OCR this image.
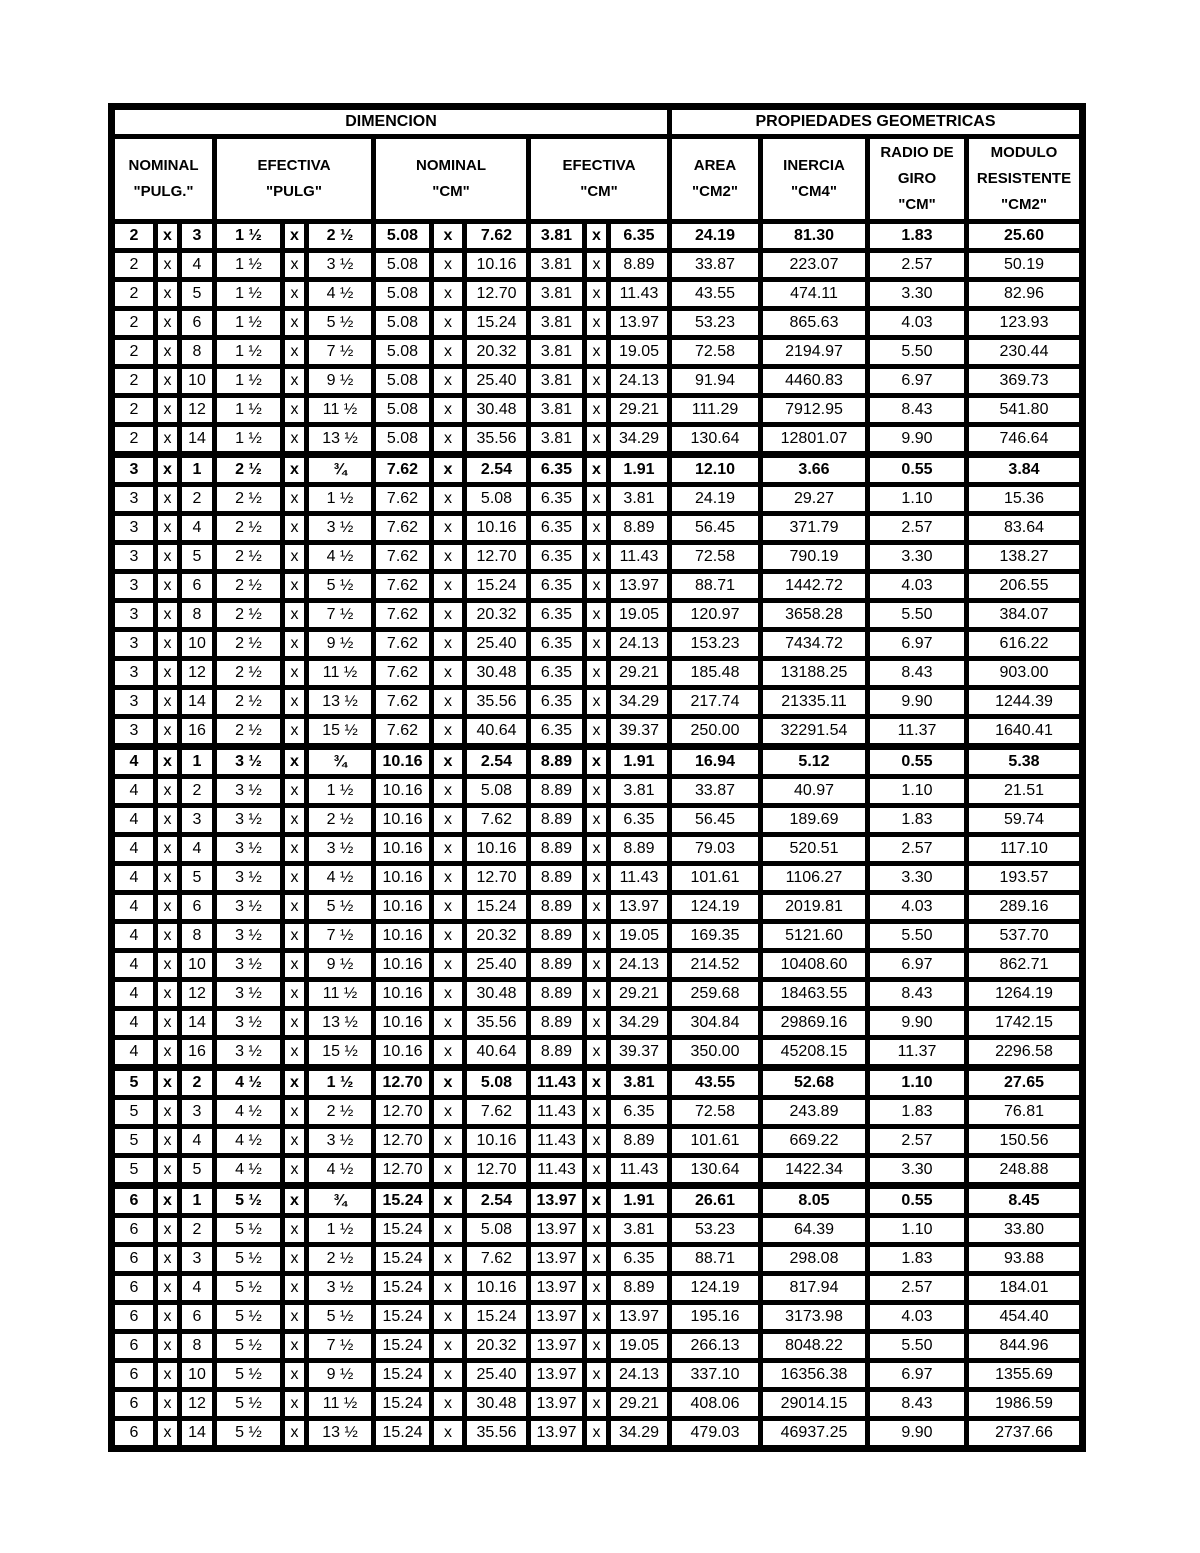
DIMENCION												PROPIEDADES GEOMETRICAS			

NOMINAL
"PULG."

EFECTIVA
"PULG"

NOMINAL
"CM"

EFECTIVA
"CM"

AREA
"CM2"

INERCIA
"CM4"

RADIO DE
GIRO
"CM"

MODULO
RESISTENTE
"CM2"

2	x	3	1 ½	x	2 ½	5.08	x	7.62	3.81	x	6.35	24.19	81.30	1.83	25.60
2	x	4	1 ½	x	3 ½	5.08	x	10.16	3.81	x	8.89	33.87	223.07	2.57	50.19
2	x	5	1 ½	x	4 ½	5.08	x	12.70	3.81	x	11.43	43.55	474.11	3.30	82.96
2	x	6	1 ½	x	5 ½	5.08	x	15.24	3.81	x	13.97	53.23	865.63	4.03	123.93
2	x	8	1 ½	x	7 ½	5.08	x	20.32	3.81	x	19.05	72.58	2194.97	5.50	230.44
2	x	10	1 ½	x	9 ½	5.08	x	25.40	3.81	x	24.13	91.94	4460.83	6.97	369.73
2	x	12	1 ½	x	11 ½	5.08	x	30.48	3.81	x	29.21	111.29	7912.95	8.43	541.80
2	x	14	1 ½	x	13 ½	5.08	x	35.56	3.81	x	34.29	130.64	12801.07	9.90	746.64
3	x	1	2 ½	x	¾	7.62	x	2.54	6.35	x	1.91	12.10	3.66	0.55	3.84
3	x	2	2 ½	x	1 ½	7.62	x	5.08	6.35	x	3.81	24.19	29.27	1.10	15.36
3	x	4	2 ½	x	3 ½	7.62	x	10.16	6.35	x	8.89	56.45	371.79	2.57	83.64
3	x	5	2 ½	x	4 ½	7.62	x	12.70	6.35	x	11.43	72.58	790.19	3.30	138.27
3	x	6	2 ½	x	5 ½	7.62	x	15.24	6.35	x	13.97	88.71	1442.72	4.03	206.55
3	x	8	2 ½	x	7 ½	7.62	x	20.32	6.35	x	19.05	120.97	3658.28	5.50	384.07
3	x	10	2 ½	x	9 ½	7.62	x	25.40	6.35	x	24.13	153.23	7434.72	6.97	616.22
3	x	12	2 ½	x	11 ½	7.62	x	30.48	6.35	x	29.21	185.48	13188.25	8.43	903.00
3	x	14	2 ½	x	13 ½	7.62	x	35.56	6.35	x	34.29	217.74	21335.11	9.90	1244.39
3	x	16	2 ½	x	15 ½	7.62	x	40.64	6.35	x	39.37	250.00	32291.54	11.37	1640.41
4	x	1	3 ½	x	¾	10.16	x	2.54	8.89	x	1.91	16.94	5.12	0.55	5.38
4	x	2	3 ½	x	1 ½	10.16	x	5.08	8.89	x	3.81	33.87	40.97	1.10	21.51
4	x	3	3 ½	x	2 ½	10.16	x	7.62	8.89	x	6.35	56.45	189.69	1.83	59.74
4	x	4	3 ½	x	3 ½	10.16	x	10.16	8.89	x	8.89	79.03	520.51	2.57	117.10
4	x	5	3 ½	x	4 ½	10.16	x	12.70	8.89	x	11.43	101.61	1106.27	3.30	193.57
4	x	6	3 ½	x	5 ½	10.16	x	15.24	8.89	x	13.97	124.19	2019.81	4.03	289.16
4	x	8	3 ½	x	7 ½	10.16	x	20.32	8.89	x	19.05	169.35	5121.60	5.50	537.70
4	x	10	3 ½	x	9 ½	10.16	x	25.40	8.89	x	24.13	214.52	10408.60	6.97	862.71
4	x	12	3 ½	x	11 ½	10.16	x	30.48	8.89	x	29.21	259.68	18463.55	8.43	1264.19
4	x	14	3 ½	x	13 ½	10.16	x	35.56	8.89	x	34.29	304.84	29869.16	9.90	1742.15
4	x	16	3 ½	x	15 ½	10.16	x	40.64	8.89	x	39.37	350.00	45208.15	11.37	2296.58
5	x	2	4 ½	x	1 ½	12.70	x	5.08	11.43	x	3.81	43.55	52.68	1.10	27.65
5	x	3	4 ½	x	2 ½	12.70	x	7.62	11.43	x	6.35	72.58	243.89	1.83	76.81
5	x	4	4 ½	x	3 ½	12.70	x	10.16	11.43	x	8.89	101.61	669.22	2.57	150.56
5	x	5	4 ½	x	4 ½	12.70	x	12.70	11.43	x	11.43	130.64	1422.34	3.30	248.88
6	x	1	5 ½	x	¾	15.24	x	2.54	13.97	x	1.91	26.61	8.05	0.55	8.45
6	x	2	5 ½	x	1 ½	15.24	x	5.08	13.97	x	3.81	53.23	64.39	1.10	33.80
6	x	3	5 ½	x	2 ½	15.24	x	7.62	13.97	x	6.35	88.71	298.08	1.83	93.88
6	x	4	5 ½	x	3 ½	15.24	x	10.16	13.97	x	8.89	124.19	817.94	2.57	184.01
6	x	6	5 ½	x	5 ½	15.24	x	15.24	13.97	x	13.97	195.16	3173.98	4.03	454.40
6	x	8	5 ½	x	7 ½	15.24	x	20.32	13.97	x	19.05	266.13	8048.22	5.50	844.96
6	x	10	5 ½	x	9 ½	15.24	x	25.40	13.97	x	24.13	337.10	16356.38	6.97	1355.69
6	x	12	5 ½	x	11 ½	15.24	x	30.48	13.97	x	29.21	408.06	29014.15	8.43	1986.59
6	x	14	5 ½	x	13 ½	15.24	x	35.56	13.97	x	34.29	479.03	46937.25	9.90	2737.66
